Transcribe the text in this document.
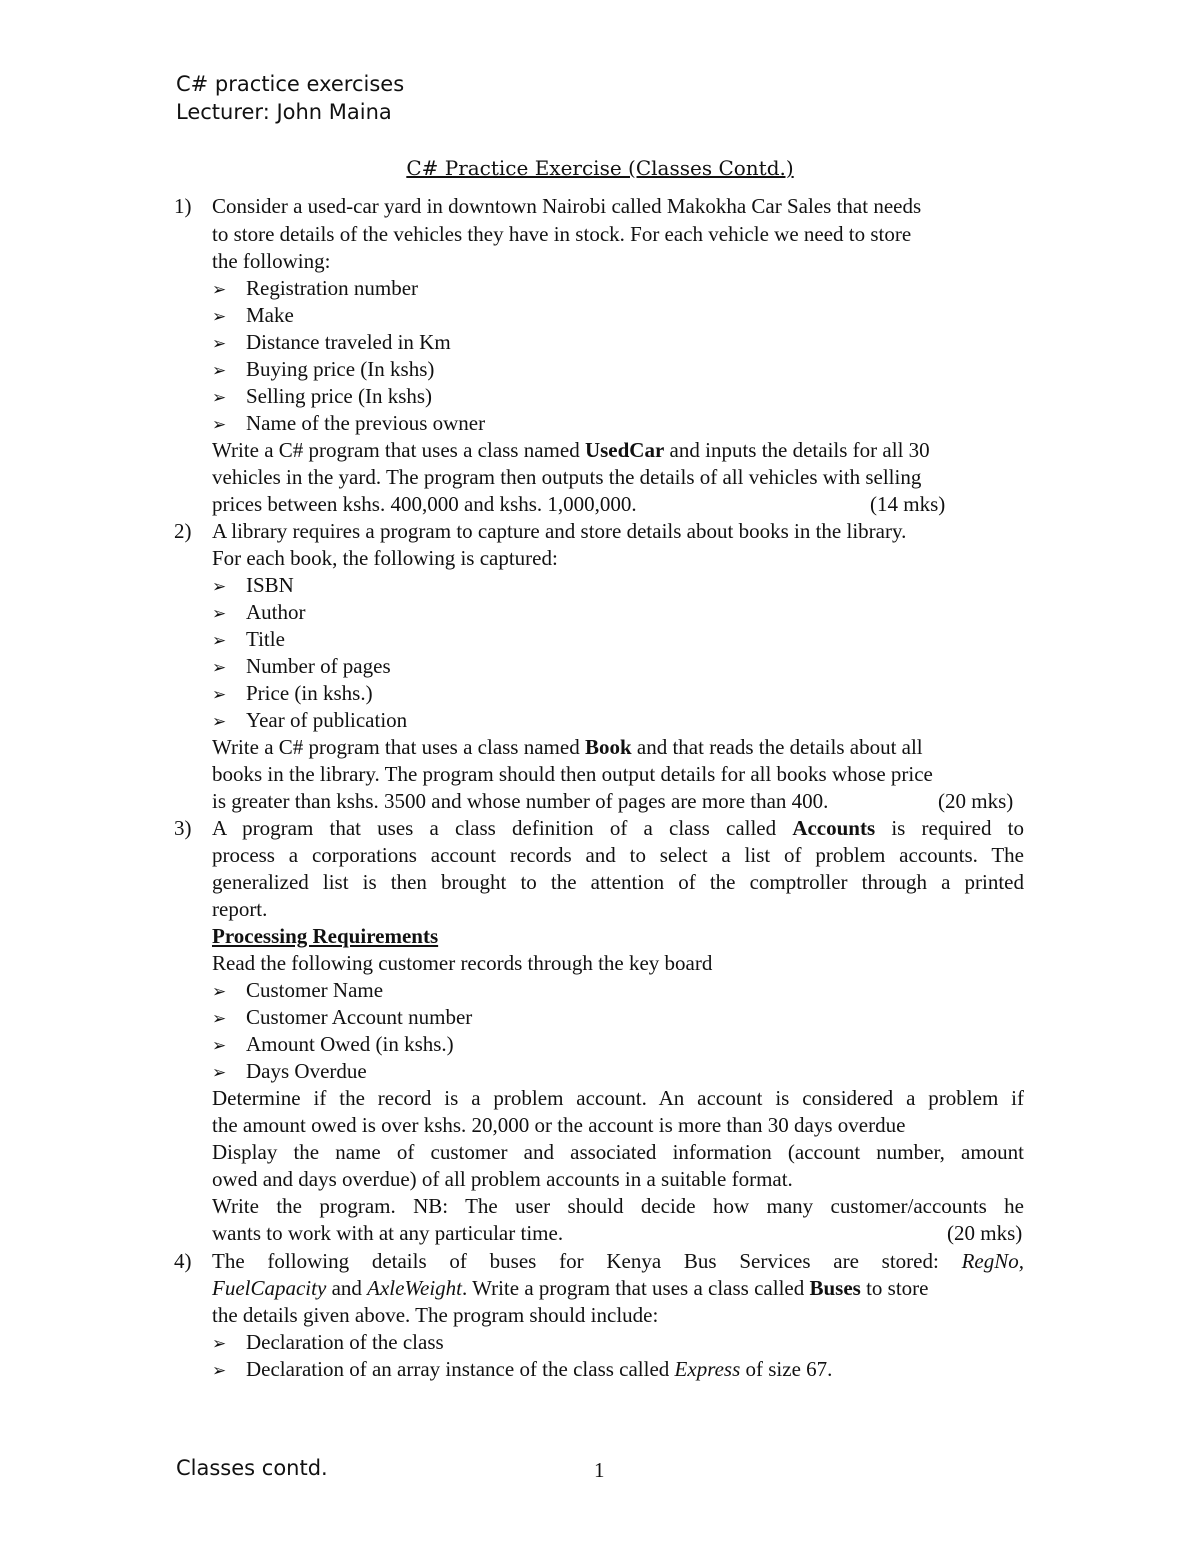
C# practice exercises
Lecturer: John Maina
C# Practice Exercise (Classes Contd.)
1) Consider a used-car yard in downtown Nairobi called Makokha Car Sales that needs
to store details of the vehicles they have in stock. For each vehicle we need to store
the following:
➢ Registration number
➢ Make
➢ Distance traveled in Km
➢ Buying price (In kshs)
➢ Selling price (In kshs)
➢ Name of the previous owner
Write a C# program that uses a class named UsedCar and inputs the details for all 30
vehicles in the yard. The program then outputs the details of all vehicles with selling
prices between kshs. 400,000 and kshs. 1,000,000.	(14 mks)
2) A library requires a program to capture and store details about books in the library.
For each book, the following is captured:
➢ ISBN
➢ Author
➢ Title
➢ Number of pages
➢ Price (in kshs.)
➢ Year of publication
Write a C# program that uses a class named Book and that reads the details about all
books in the library. The program should then output details for all books whose price
is greater than kshs. 3500 and whose number of pages are more than 400.	(20 mks)
3) A program that uses a class definition of a class called Accounts is required to
process a corporations account records and to select a list of problem accounts. The
generalized list is then brought to the attention of the comptroller through a printed
report.
Processing Requirements
Read the following customer records through the key board
➢ Customer Name
➢ Customer Account number
➢ Amount Owed (in kshs.)
➢ Days Overdue
Determine if the record is a problem account. An account is considered a problem if
the amount owed is over kshs. 20,000 or the account is more than 30 days overdue
Display the name of customer and associated information (account number, amount
owed and days overdue) of all problem accounts in a suitable format.
Write the program. NB: The user should decide how many customer/accounts he
wants to work with at any particular time.	(20 mks)
4) The following details of buses for Kenya Bus Services are stored: RegNo,
FuelCapacity and AxleWeight. Write a program that uses a class called Buses to store
the details given above. The program should include:
➢ Declaration of the class
➢ Declaration of an array instance of the class called Express of size 67.
Classes contd.	1
